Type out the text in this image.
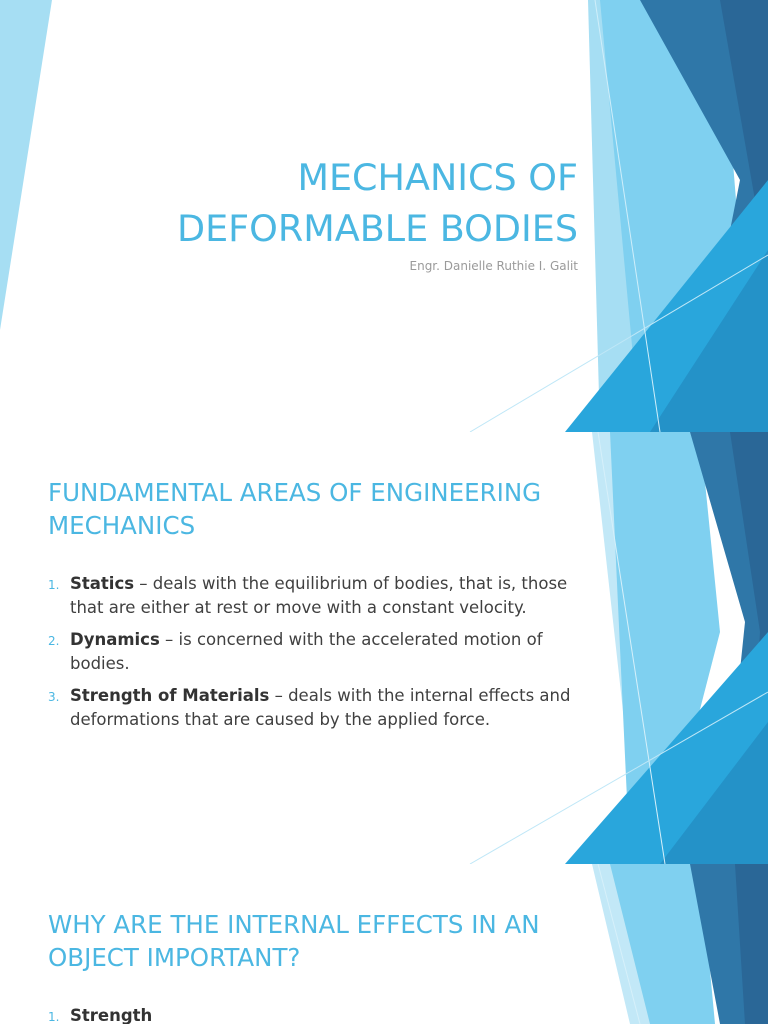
MECHANICS OF
DEFORMABLE BODIES

Engr. Danielle Ruthie I. Galit

FUNDAMENTAL AREAS OF ENGINEERING
MECHANICS
1. Statics – deals with the equilibrium of bodies, that is, those that are either at rest or move with a constant velocity.
2. Dynamics – is concerned with the accelerated motion of bodies.
3. Strength of Materials – deals with the internal effects and deformations that are caused by the applied force.
WHY ARE THE INTERNAL EFFECTS IN AN
OBJECT IMPORTANT?
1. Strength
